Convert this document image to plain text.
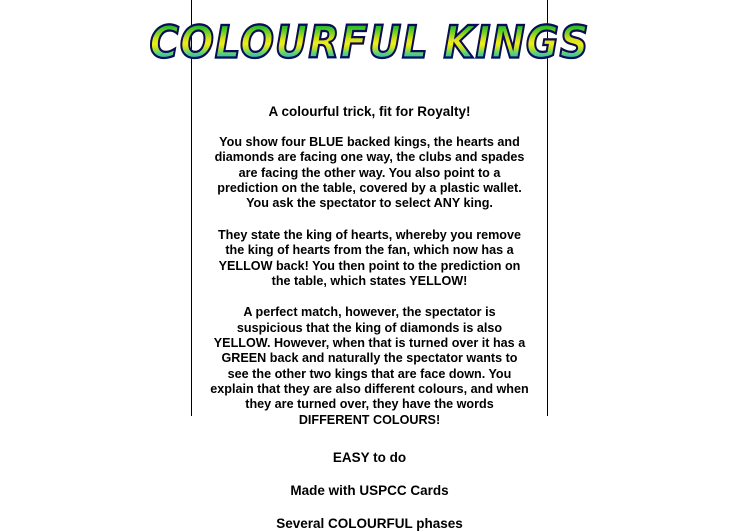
COLOURFUL KINGS

A colourful trick, fit for Royalty!

You show four BLUE backed kings, the hearts and diamonds are facing one way, the clubs and spades are facing the other way. You also point to a prediction on the table, covered by a plastic wallet. You ask the spectator to select ANY king.

They state the king of hearts, whereby you remove the king of hearts from the fan, which now has a YELLOW back! You then point to the prediction on the table, which states YELLOW!

A perfect match, however, the spectator is suspicious that the king of diamonds is also YELLOW. However, when that is turned over it has a GREEN back and naturally the spectator wants to see the other two kings that are face down. You explain that they are also different colours, and when they are turned over, they have the words DIFFERENT COLOURS!

EASY to do

Made with USPCC Cards

Several COLOURFUL phases
